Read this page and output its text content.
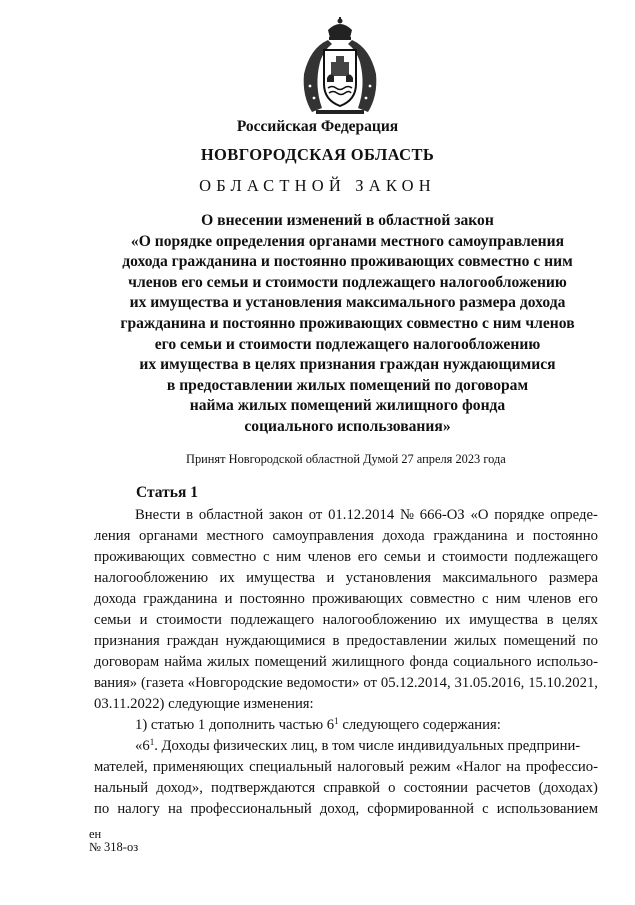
Российская Федерация
НОВГОРОДСКАЯ ОБЛАСТЬ
ОБЛАСТНОЙ ЗАКОН
О внесении изменений в областной закон
«О порядке определения органами местного самоуправления
дохода гражданина и постоянно проживающих совместно с ним
членов его семьи и стоимости подлежащего налогообложению
их имущества и установления максимального размера дохода
гражданина и постоянно проживающих совместно с ним членов
его семьи и стоимости подлежащего налогообложению
их имущества в целях признания граждан нуждающимися
в предоставлении жилых помещений по договорам
найма жилых помещений жилищного фонда
социального использования»
Принят Новгородской областной Думой 27 апреля 2023 года
Статья 1
Внести в областной закон от 01.12.2014 № 666-ОЗ «О порядке опреде-
ления органами местного самоуправления дохода гражданина и постоянно
проживающих совместно с ним членов его семьи и стоимости подлежащего
налогообложению их имущества и установления максимального размера
дохода гражданина и постоянно проживающих совместно с ним членов его
семьи и стоимости подлежащего налогообложению их имущества в целях
признания граждан нуждающимися в предоставлении жилых помещений по
договорам найма жилых помещений жилищного фонда социального использо-
вания» (газета «Новгородские ведомости» от 05.12.2014, 31.05.2016, 15.10.2021,
03.11.2022) следующие изменения:
1) статью 1 дополнить частью $6^1$ следующего содержания:
«$6^1$. Доходы физических лиц, в том числе индивидуальных предприни-
мателей, применяющих специальный налоговый режим «Налог на профессио-
нальный доход», подтверждаются справкой о состоянии расчетов (доходах)
по налогу на профессиональный доход, сформированной с использованием
ен
№ 318-оз
